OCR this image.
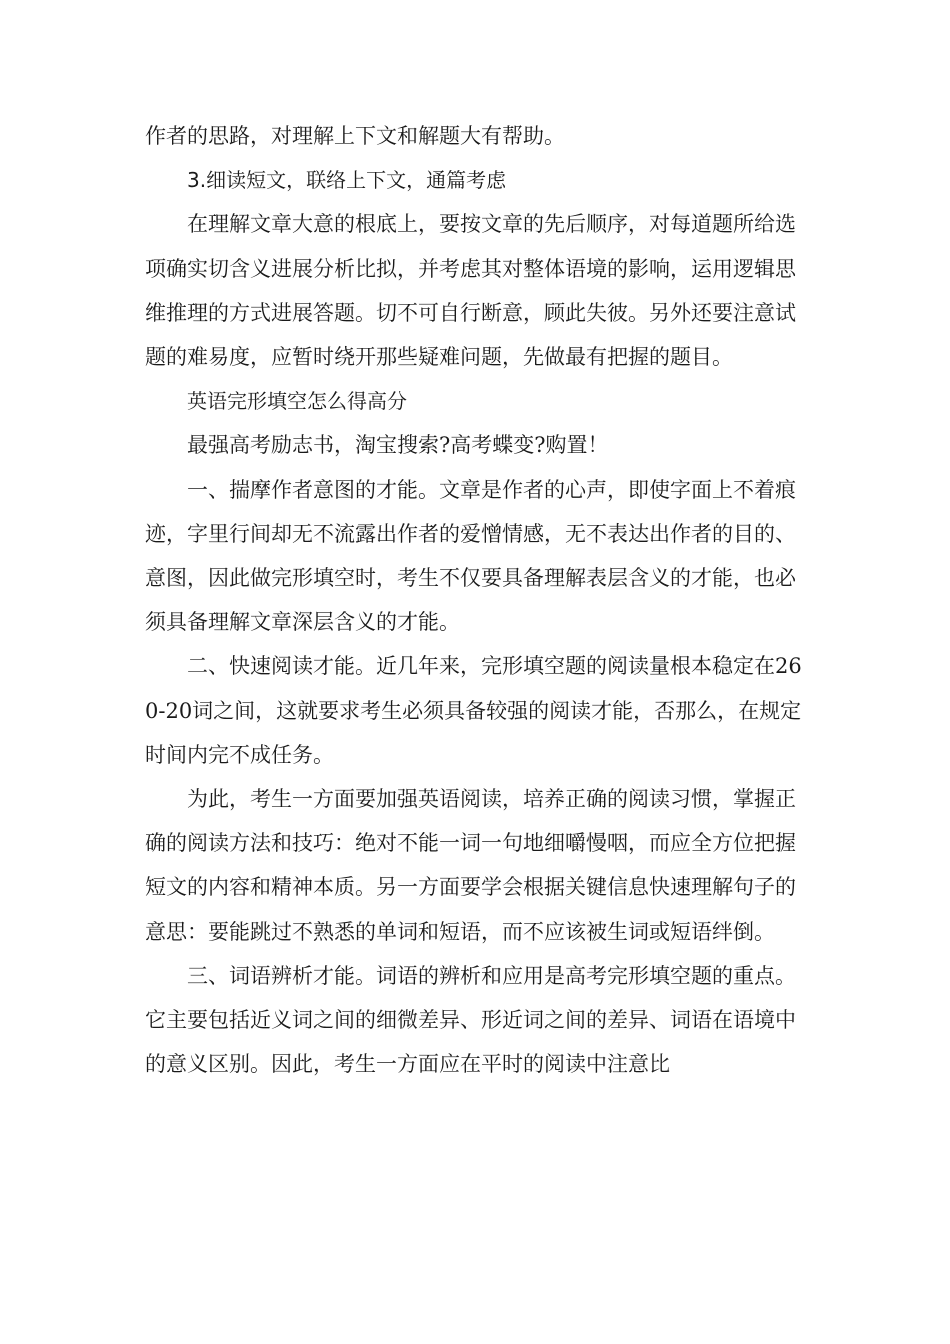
作者的思路，对理解上下文和解题大有帮助。

3.细读短文，联络上下文，通篇考虑

在理解文章大意的根底上，要按文章的先后顺序，对每道题所给选项确实切含义进展分析比拟，并考虑其对整体语境的影响，运用逻辑思维推理的方式进展答题。切不可自行断意，顾此失彼。另外还要注意试题的难易度，应暂时绕开那些疑难问题，先做最有把握的题目。

英语完形填空怎么得高分

最强高考励志书，淘宝搜索?高考蝶变?购置！

一、揣摩作者意图的才能。文章是作者的心声，即使字面上不着痕迹，字里行间却无不流露出作者的爱憎情感，无不表达出作者的目的、意图，因此做完形填空时，考生不仅要具备理解表层含义的才能，也必须具备理解文章深层含义的才能。

二、快速阅读才能。近几年来，完形填空题的阅读量根本稳定在260-20词之间，这就要求考生必须具备较强的阅读才能，否那么，在规定时间内完不成任务。

为此，考生一方面要加强英语阅读，培养正确的阅读习惯，掌握正确的阅读方法和技巧：绝对不能一词一句地细嚼慢咽，而应全方位把握短文的内容和精神本质。另一方面要学会根据关键信息快速理解句子的意思：要能跳过不熟悉的单词和短语，而不应该被生词或短语绊倒。

三、词语辨析才能。词语的辨析和应用是高考完形填空题的重点。它主要包括近义词之间的细微差异、形近词之间的差异、词语在语境中的意义区别。因此，考生一方面应在平时的阅读中注意比
